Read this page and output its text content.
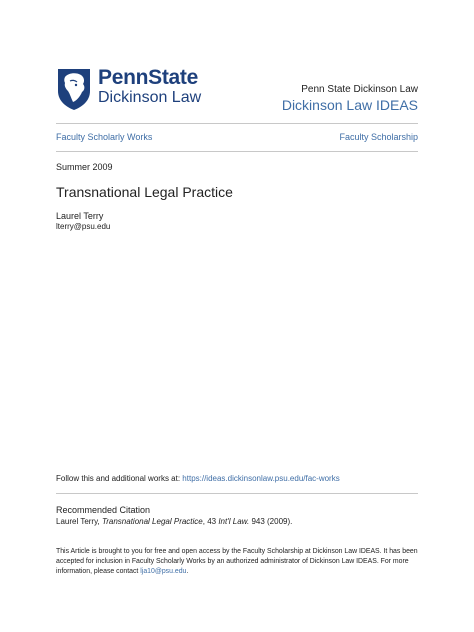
PennState
Dickinson Law	Penn State Dickinson Law
Dickinson Law IDEAS
Faculty Scholarly Works	Faculty Scholarship
Summer 2009
Transnational Legal Practice
Laurel Terry
lterry@psu.edu
Follow this and additional works at: https://ideas.dickinsonlaw.psu.edu/fac-works
Recommended Citation
Laurel Terry, Transnational Legal Practice, 43 Int'l Law. 943 (2009).
This Article is brought to you for free and open access by the Faculty Scholarship at Dickinson Law IDEAS. It has been accepted for inclusion in Faculty Scholarly Works by an authorized administrator of Dickinson Law IDEAS. For more information, please contact lja10@psu.edu.
